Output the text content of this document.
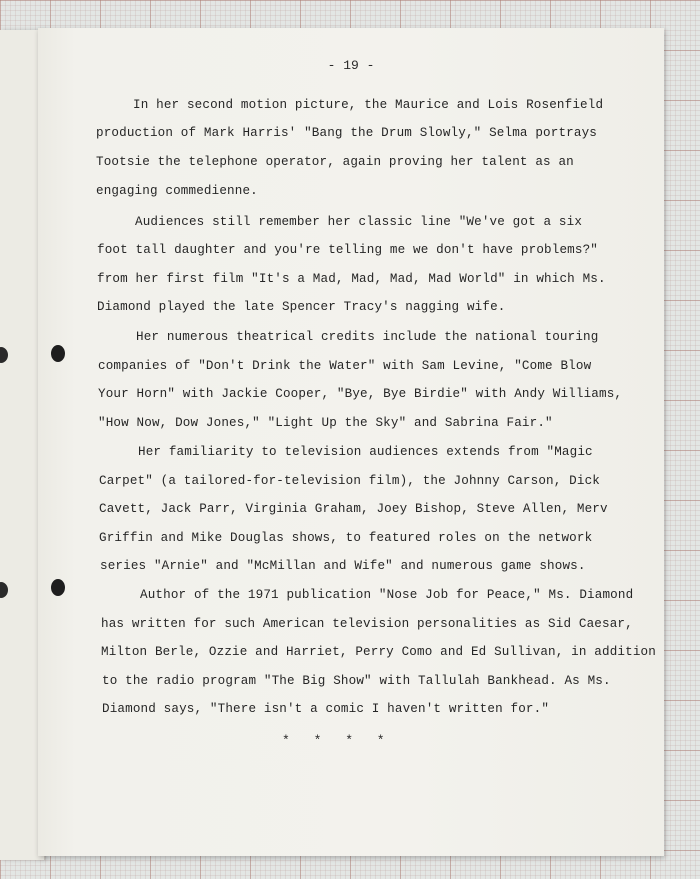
- 19 -
In her second motion picture, the Maurice and Lois Rosenfield
production of Mark Harris' "Bang the Drum Slowly," Selma portrays
Tootsie the telephone operator, again proving her talent as an
engaging commedienne.
Audiences still remember her classic line "We've got a six
foot tall daughter and you're telling me we don't have problems?"
from her first film "It's a Mad, Mad, Mad, Mad World" in which Ms.
Diamond played the late Spencer Tracy's nagging wife.
Her numerous theatrical credits include the national touring
companies of "Don't Drink the Water" with Sam Levine, "Come Blow
Your Horn" with Jackie Cooper, "Bye, Bye Birdie" with Andy Williams,
"How Now, Dow Jones," "Light Up the Sky" and Sabrina Fair."
Her familiarity to television audiences extends from "Magic
Carpet" (a tailored-for-television film), the Johnny Carson, Dick
Cavett, Jack Parr, Virginia Graham, Joey Bishop, Steve Allen, Merv
Griffin and Mike Douglas shows, to featured roles on the network
series "Arnie" and "McMillan and Wife" and numerous game shows.
Author of the 1971 publication "Nose Job for Peace," Ms. Diamond
has written for such American television personalities as Sid Caesar,
Milton Berle, Ozzie and Harriet, Perry Como and Ed Sullivan, in addition
to the radio program "The Big Show" with Tallulah Bankhead. As Ms.
Diamond says, "There isn't a comic I haven't written for."
* * * *
